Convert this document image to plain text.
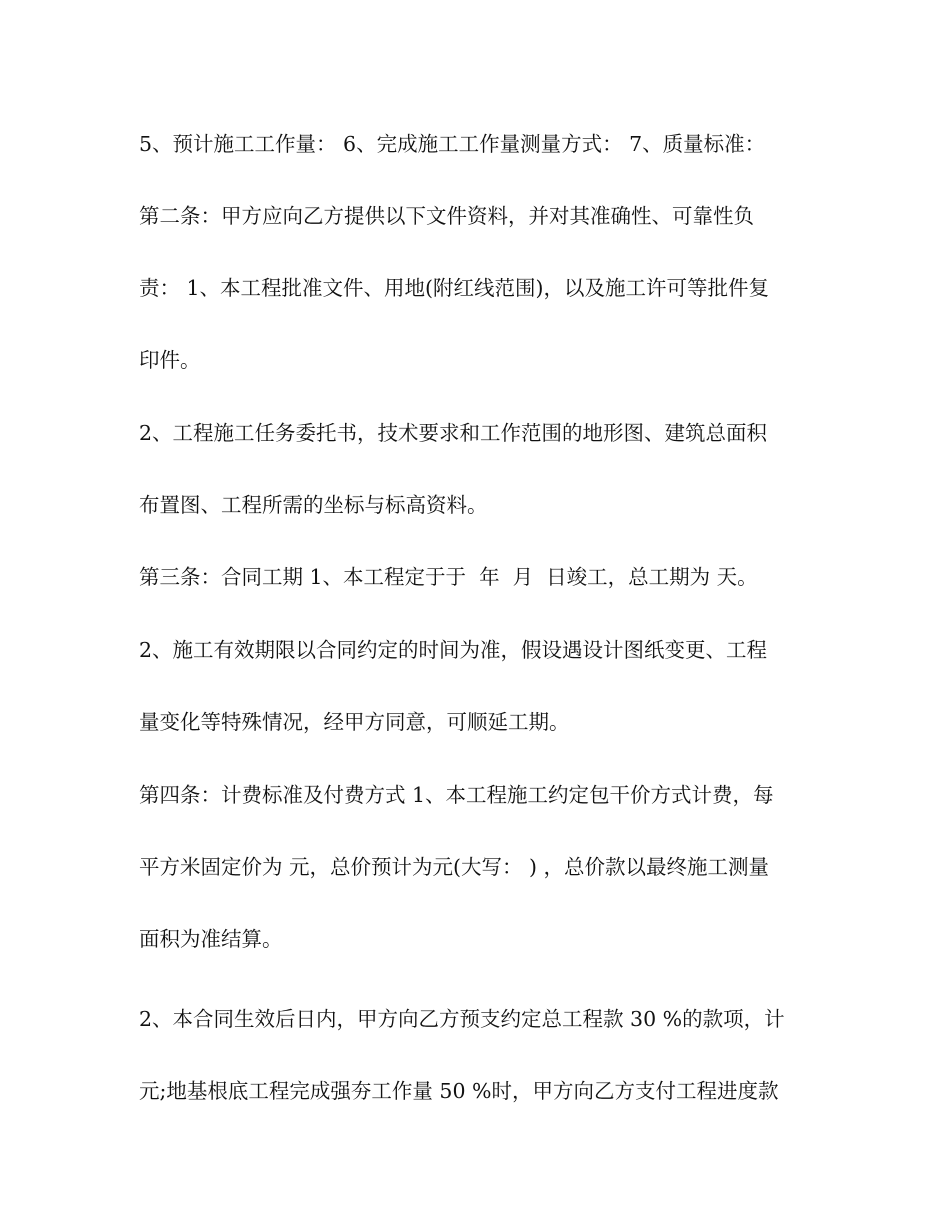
5、预计施工工作量： 6、完成施工工作量测量方式： 7、质量标准：
第二条：甲方应向乙方提供以下文件资料，并对其准确性、可靠性负
责： 1、本工程批准文件、用地(附红线范围)，以及施工许可等批件复
印件。
2、工程施工任务委托书，技术要求和工作范围的地形图、建筑总面积
布置图、工程所需的坐标与标高资料。
第三条：合同工期 1、本工程定于于  年  月  日竣工，总工期为 天。
2、施工有效期限以合同约定的时间为准，假设遇设计图纸变更、工程
量变化等特殊情况，经甲方同意，可顺延工期。
第四条：计费标准及付费方式 1、本工程施工约定包干价方式计费，每
平方米固定价为 元，总价预计为元(大写： ) ，总价款以最终施工测量
面积为准结算。
2、本合同生效后日内，甲方向乙方预支约定总工程款 30 %的款项，计
元;地基根底工程完成强夯工作量 50 %时，甲方向乙方支付工程进度款
